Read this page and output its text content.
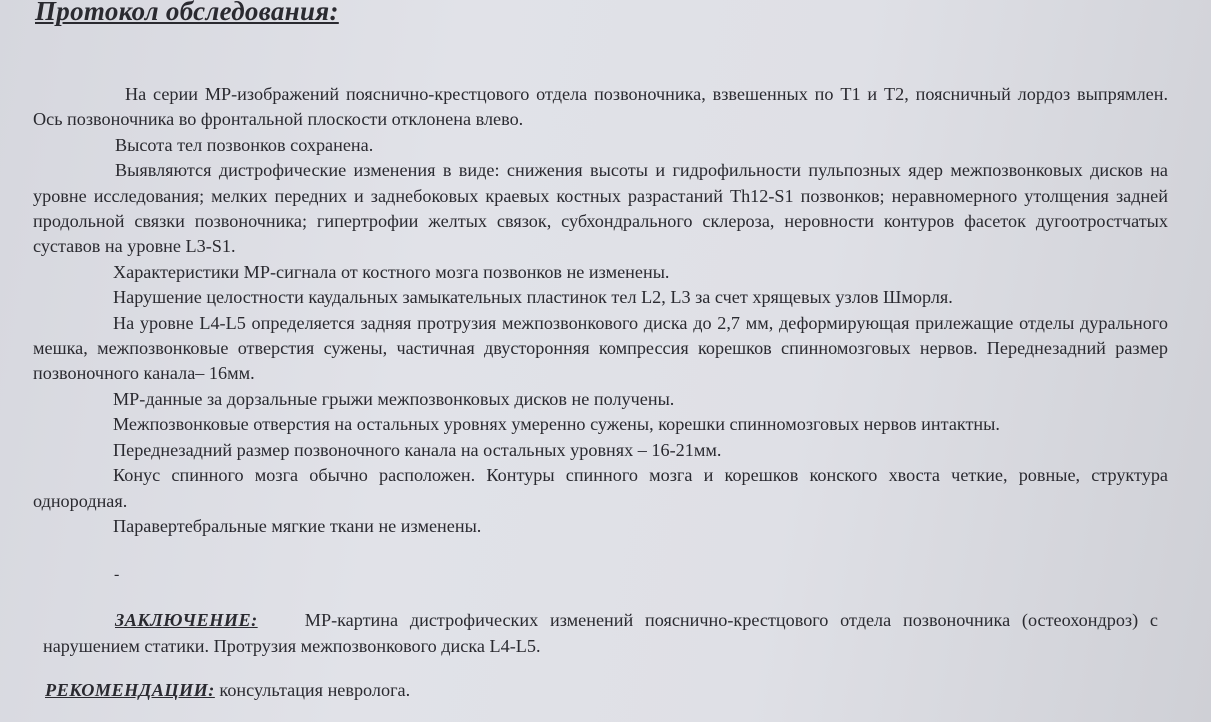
Протокол обследования:

На серии МР-изображений пояснично-крестцового отдела позвоночника, взвешенных по Т1 и Т2, поясничный лордоз выпрямлен. Ось позвоночника во фронтальной плоскости отклонена влево.

Высота тел позвонков сохранена.

Выявляются дистрофические изменения в виде: снижения высоты и гидрофильности пульпозных ядер межпозвонковых дисков на уровне исследования; мелких передних и заднебоковых краевых костных разрастаний Th12-S1 позвонков; неравномерного утолщения задней продольной связки позвоночника; гипертрофии желтых связок, субхондрального склероза, неровности контуров фасеток дугоотростчатых суставов на уровне L3-S1.

Характеристики МР-сигнала от костного мозга позвонков не изменены.

Нарушение целостности каудальных замыкательных пластинок тел L2, L3 за счет хрящевых узлов Шморля.

На уровне L4-L5 определяется задняя протрузия межпозвонкового диска до 2,7 мм, деформирующая прилежащие отделы дурального мешка, межпозвонковые отверстия сужены, частичная двусторонняя компрессия корешков спинномозговых нервов. Переднезадний размер позвоночного канала– 16мм.

МР-данные за дорзальные грыжи межпозвонковых дисков не получены.

Межпозвонковые отверстия на остальных уровнях умеренно сужены, корешки спинномозговых нервов интактны.

Переднезадний размер позвоночного канала на остальных уровнях – 16-21мм.

Конус спинного мозга обычно расположен. Контуры спинного мозга и корешков конского хвоста четкие, ровные, структура однородная.

Паравертебральные мягкие ткани не изменены.

-
ЗАКЛЮЧЕНИЕ:	МР-картина дистрофических изменений пояснично-крестцового отдела позвоночника (остеохондроз) с нарушением статики. Протрузия межпозвонкового диска L4-L5.
РЕКОМЕНДАЦИИ: консультация невролога.
